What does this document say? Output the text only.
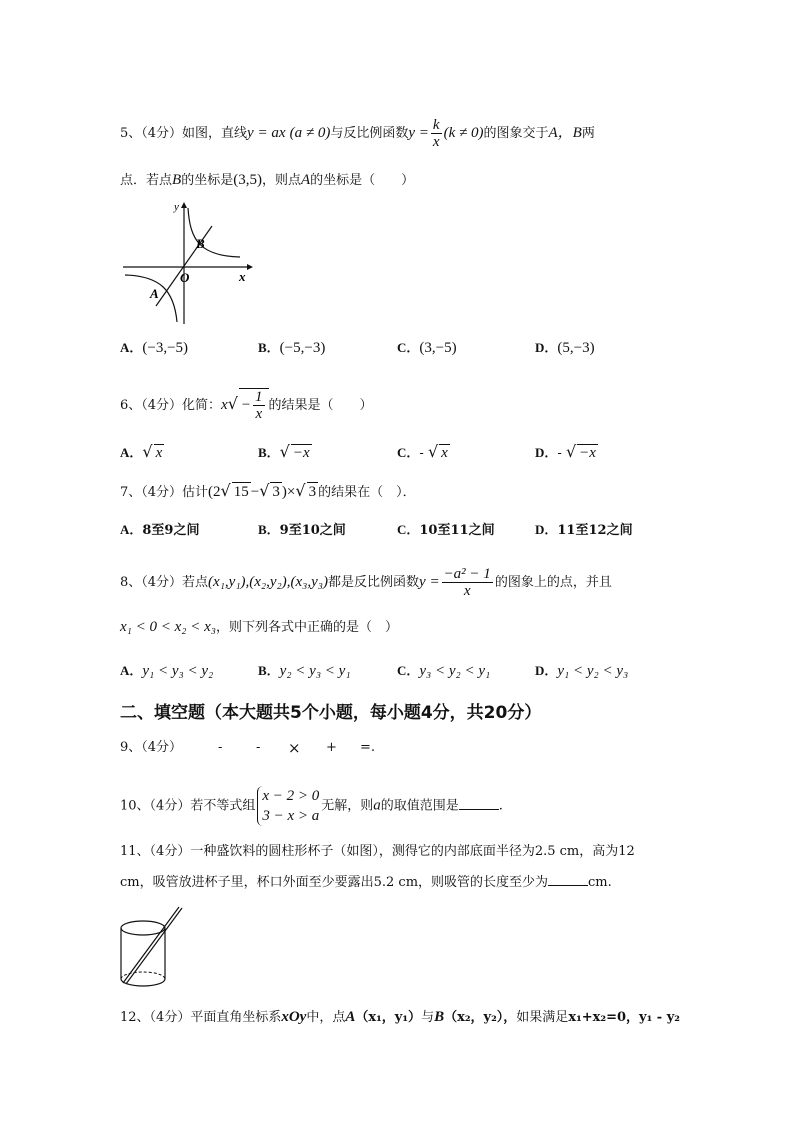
5、（4分）如图，直线y = ax (a ≠ 0)与反比例函数$y = \frac{k}{x} (k \ne 0)$的图象交于A，B两
点．若点B的坐标是(3,5)，则点A的坐标是（　　）
y
x
O
B
A
A．(−3,−5)	B．(−5,−3)	C．(3,−5)	D．(5,−3)
6、（4分）化简：$x√ - \frac{1}{x}$ 的结果是（　　）
A．√ x	B．√ −x	C．- √ x	D．- √ −x
7、（4分）估计(2√ 15 −√ 3 )×√ 3 的结果在（　）．
A．8至9之间	B．9至10之间	C．10至11之间	D．11至12之间
8、（4分）若点(x₁,y₁),(x₂,y₂),(x₃,y₃)都是反比例函数$y = \frac{\text{−a² − 1}}{x}$ 的图象上的点，并且
x₁ < 0 < x₂ < x₃，则下列各式中正确的是（　）
A．y₁ < y₃ < y₂	B．y₂ < y₃ < y₁	C．y₃ < y₂ < y₁	D．y₁ < y₂ < y₃
二、填空题（本大题共5个小题，每小题4分，共20分）
9、（4分）	-	- × + =.
10、（4分）若不等式组
x − 2 > 0
3 − x > a
无解，则a的取值范围是	.
11、（4分）一种盛饮料的圆柱形杯子（如图），测得它的内部底面半径为2.5 cm，高为12
cm，吸管放进杯子里，杯口外面至少要露出5.2 cm，则吸管的长度至少为	cm.
12、（4分）平面直角坐标系xOy中，点A（x₁，y₁）与B（x₂，y₂），如果满足x₁+x₂=0，y₁ - y₂
